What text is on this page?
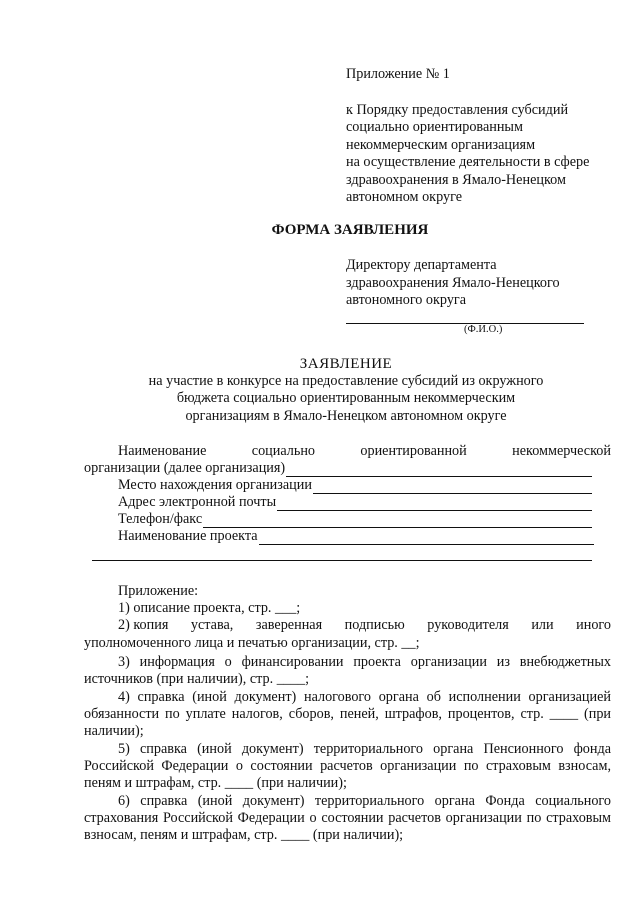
Приложение № 1
к Порядку предоставления субсидий
социально ориентированным
некоммерческим организациям
на осуществление деятельности в сфере
здравоохранения в Ямало-Ненецком
автономном округе
ФОРМА ЗАЯВЛЕНИЯ
Директору департамента
здравоохранения Ямало-Ненецкого
автономного округа
(Ф.И.О.)
ЗАЯВЛЕНИЕ
на участие в конкурсе на предоставление субсидий из окружного
бюджета социально ориентированным некоммерческим
организациям в Ямало-Ненецком автономном округе
Наименование	социально	ориентированной	некоммерческой
организации (далее организация)
Место нахождения организации
Адрес электронной почты
Телефон/факс
Наименование проекта
Приложение:
1) описание проекта, стр. ___;
2) копия устава, заверенная подписью руководителя или иного
уполномоченного лица и печатью организации, стр. __;
3) информация о финансировании проекта организации из внебюджетных источников (при наличии), стр. ____;
4) справка (иной документ) налогового органа об исполнении организацией обязанности по уплате налогов, сборов, пеней, штрафов, процентов, стр. ____ (при наличии);
5) справка (иной документ) территориального органа Пенсионного фонда Российской Федерации о состоянии расчетов организации по страховым взносам, пеням и штрафам, стр. ____ (при наличии);
6) справка (иной документ) территориального органа Фонда социального страхования Российской Федерации о состоянии расчетов организации по страховым взносам, пеням и штрафам, стр. ____ (при наличии);
